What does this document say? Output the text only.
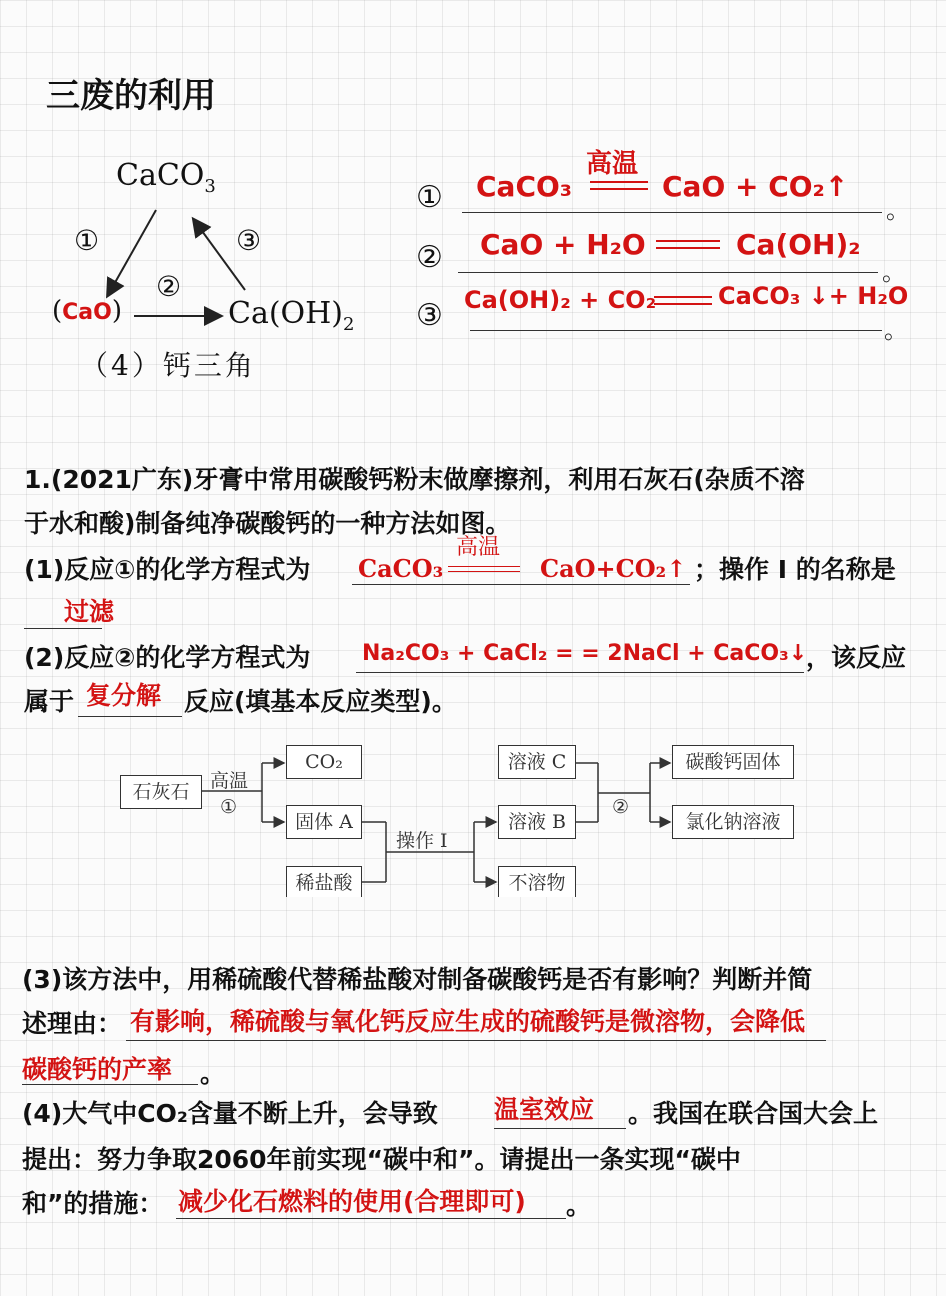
三废的利用
CaCO$_3$
(CaO)	$Ca(OH)_2$
①
②
③
（4）钙三角
① CaCO₃
高温
CaO + CO₂↑
。
② CaO + H₂O	Ca(OH)₂
。
③ Ca(OH)₂ + CO₂	CaCO₃ ↓+ H₂O
。
1.(2021广东)牙膏中常用碳酸钙粉末做摩擦剂，利用石灰石(杂质不溶
于水和酸)制备纯净碳酸钙的一种方法如图。
(1)反应①的化学方程式为 CaCO₃
高温
CaO+CO₂↑ ；操作 I 的名称是
过滤
(2)反应②的化学方程式为 Na₂CO₃ + CaCl₂ = = 2NaCl + CaCO₃↓
，该反应
属于 复分解 反应(填基本反应类型)。
石灰石	高温
①
CO₂
固体 A
稀盐酸
操作 I
溶液 C
溶液 B
不溶物
②
碳酸钙固体
氯化钠溶液
(3)该方法中，用稀硫酸代替稀盐酸对制备碳酸钙是否有影响？判断并简
述理由： 有影响，稀硫酸与氧化钙反应生成的硫酸钙是微溶物，会降低
碳酸钙的产率 。
(4)大气中CO₂含量不断上升，会导致 温室效应 。我国在联合国大会上
提出：努力争取2060年前实现“碳中和”。请提出一条实现“碳中
和”的措施： 减少化石燃料的使用(合理即可) 。
